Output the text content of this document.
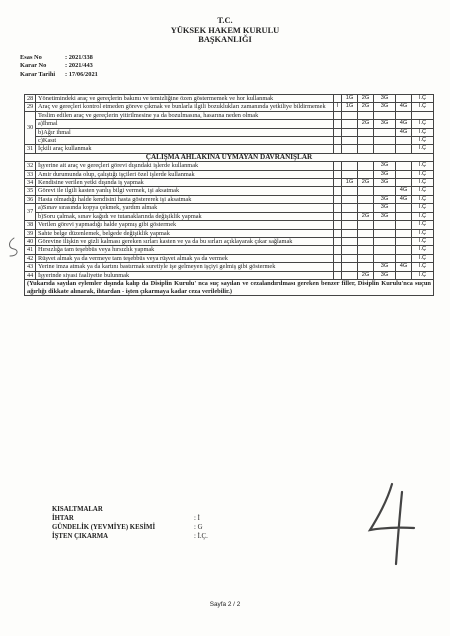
T.C.
YÜKSEK HAKEM KURULU
BAŞKANLIĞI
Esas No	: 2021/338
Karar No	: 2021/443
Karar Tarihi	: 17/06/2021
28	Yönetimindeki araç ve gereçlerin bakımı ve temizliğine özen göstermemek ve hor kullanmak		1G	2G	3G		İ.Ç
29	Araç ve gereçleri kontrol etmeden göreve çıkmak ve bunlarla ilgili bozuklukları zamanında yetkiliye bildirmemek	İ	1G	2G	3G	4G	İ.Ç
30	Teslim edilen araç ve gereçlerin yitirilmesine ya da bozulmasına, hasarına neden olmak						
	a)İhmal			2G	3G	4G	İ.Ç
	b)Ağır ihmal					4G	İ.Ç
	c)Kasıt						İ.Ç
31	İçkili araç kullanmak						İ.Ç
ÇALIŞMA AHLAKINA UYMAYAN DAVRANIŞLAR							
32	İşyerine ait araç ve gereçleri görevi dışındaki işlerde kullanmak				3G		İ.Ç
33	Amir durumunda olup, çalıştığı işçileri özel işlerde kullanmak				3G		İ.Ç
34	Kendisine verilen yetki dışında iş yapmak		1G	2G	3G		İ.Ç
35	Görevi ile ilgili kasten yanlış bilgi vermek, işi aksatmak					4G	İ.Ç
36	Hasta olmadığı halde kendisini hasta göstererek işi aksatmak				3G	4G	İ.Ç
37	a)Sınav sırasında kopya çekmek, yardım almak				3G		İ.Ç
	b)Soru çalmak, sınav kağıdı ve tutanaklarında değişiklik yapmak			2G	3G		İ.Ç
38	Verilen görevi yapmadığı halde yapmış gibi göstermek						İ.Ç
39	Sahte belge düzenlemek, belgede değişiklik yapmak						İ.Ç
40	Görevine ilişkin ve gizli kalması gereken sırları kasten ve ya da bu sırları açıklayarak çıkar sağlamak						İ.Ç
41	Hırsızlığa tam teşebbüs veya hırsızlık yapmak						İ.Ç
42	Rüşvet almak ya da vermeye tam teşebbüs veya rüşvet almak ya da vermek						İ.Ç
43	Yerine imza atmak ya da kartını bastırmak suretiyle işe gelmeyen işçiyi gelmiş gibi göstermek				3G	4G	İ.Ç
44	İşyerinde siyasi faaliyette bulunmak			2G	3G		İ.Ç
(Yukarıda sayılan eylemler dışında kalıp da Disiplin Kurulu' nca suç sayılan ve cezalandırılması gereken benzer filler, Disiplin Kurulu'nca suçun ağırlığı dikkate alınarak, ihtardan - işten çıkarmaya kadar ceza verilebilir.)							
KISALTMALAR
İHTAR	: İ
GÜNDELİK (YEVMİYE) KESİMİ	: G
İŞTEN ÇIKARMA	: İ.Ç.
Sayfa 2 / 2
